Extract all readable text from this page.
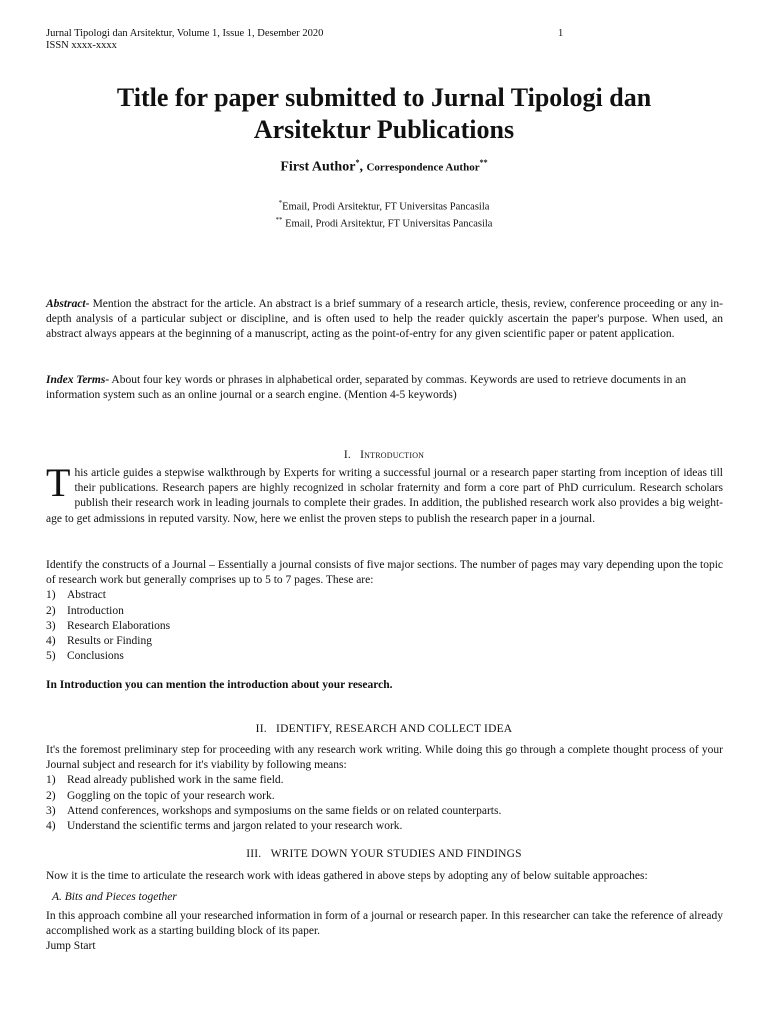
Jurnal Tipologi dan Arsitektur, Volume 1, Issue 1, Desember 2020
ISSN xxxx-xxxx
1
Title for paper submitted to Jurnal Tipologi dan
Arsitektur Publications
First Author*, Correspondence Author**
*Email, Prodi Arsitektur, FT Universitas Pancasila
** Email, Prodi Arsitektur, FT Universitas Pancasila
Abstract- Mention the abstract for the article. An abstract is a brief summary of a research article, thesis, review, conference proceeding or any in-depth analysis of a particular subject or discipline, and is often used to help the reader quickly ascertain the paper's purpose. When used, an abstract always appears at the beginning of a manuscript, acting as the point-of-entry for any given scientific paper or patent application.
Index Terms- About four key words or phrases in alphabetical order, separated by commas. Keywords are used to retrieve documents in an information system such as an online journal or a search engine. (Mention 4-5 keywords)
I. Introduction
This article guides a stepwise walkthrough by Experts for writing a successful journal or a research paper starting from inception of ideas till their publications. Research papers are highly recognized in scholar fraternity and form a core part of PhD curriculum. Research scholars publish their research work in leading journals to complete their grades. In addition, the published research work also provides a big weight-age to get admissions in reputed varsity. Now, here we enlist the proven steps to publish the research paper in a journal.
Identify the constructs of a Journal – Essentially a journal consists of five major sections. The number of pages may vary depending upon the topic of research work but generally comprises up to 5 to 7 pages. These are:
1) Abstract
2) Introduction
3) Research Elaborations
4) Results or Finding
5) Conclusions
In Introduction you can mention the introduction about your research.
II. IDENTIFY, RESEARCH AND COLLECT IDEA
It's the foremost preliminary step for proceeding with any research work writing. While doing this go through a complete thought process of your Journal subject and research for it's viability by following means:
1) Read already published work in the same field.
2) Goggling on the topic of your research work.
3) Attend conferences, workshops and symposiums on the same fields or on related counterparts.
4) Understand the scientific terms and jargon related to your research work.
III. WRITE DOWN YOUR STUDIES AND FINDINGS
Now it is the time to articulate the research work with ideas gathered in above steps by adopting any of below suitable approaches:
A. Bits and Pieces together
In this approach combine all your researched information in form of a journal or research paper. In this researcher can take the reference of already accomplished work as a starting building block of its paper.
Jump Start
